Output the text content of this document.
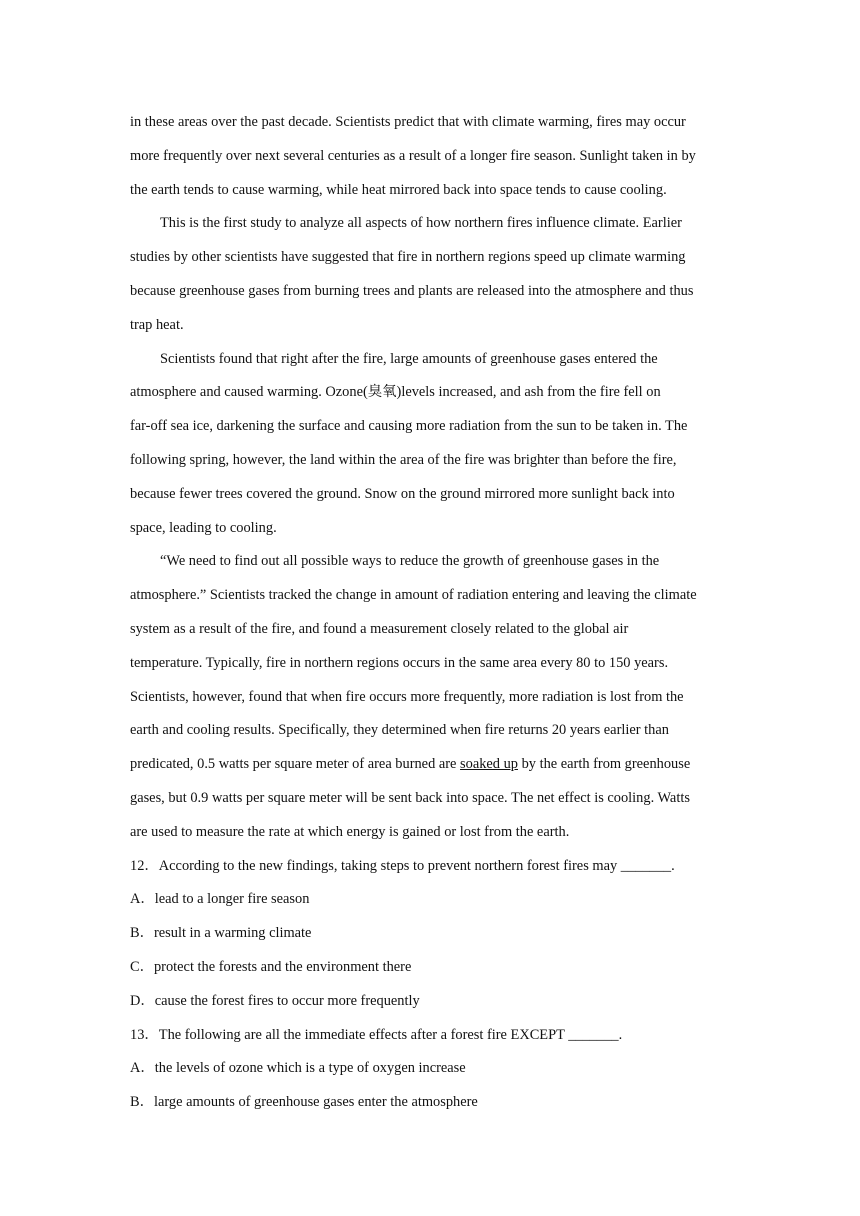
in these areas over the past decade. Scientists predict that with climate warming, fires may occur
more frequently over next several centuries as a result of a longer fire season. Sunlight taken in by
the earth tends to cause warming, while heat mirrored back into space tends to cause cooling.
This is the first study to analyze all aspects of how northern fires influence climate. Earlier
studies by other scientists have suggested that fire in northern regions speed up climate warming
because greenhouse gases from burning trees and plants are released into the atmosphere and thus
trap heat.
Scientists found that right after the fire, large amounts of greenhouse gases entered the
atmosphere and caused warming. Ozone(臭氧)levels increased, and ash from the fire fell on
far-off sea ice, darkening the surface and causing more radiation from the sun to be taken in. The
following spring, however, the land within the area of the fire was brighter than before the fire,
because fewer trees covered the ground. Snow on the ground mirrored more sunlight back into
space, leading to cooling.
“We need to find out all possible ways to reduce the growth of greenhouse gases in the
atmosphere.” Scientists tracked the change in amount of radiation entering and leaving the climate
system as a result of the fire, and found a measurement closely related to the global air
temperature. Typically, fire in northern regions occurs in the same area every 80 to 150 years.
Scientists, however, found that when fire occurs more frequently, more radiation is lost from the
earth and cooling results. Specifically, they determined when fire returns 20 years earlier than
predicated, 0.5 watts per square meter of area burned are soaked up by the earth from greenhouse
gases, but 0.9 watts per square meter will be sent back into space. The net effect is cooling. Watts
are used to measure the rate at which energy is gained or lost from the earth.
12．According to the new findings, taking steps to prevent northern forest fires may _______.
A．lead to a longer fire season
B．result in a warming climate
C．protect the forests and the environment there
D．cause the forest fires to occur more frequently
13．The following are all the immediate effects after a forest fire EXCEPT _______.
A．the levels of ozone which is a type of oxygen increase
B．large amounts of greenhouse gases enter the atmosphere
